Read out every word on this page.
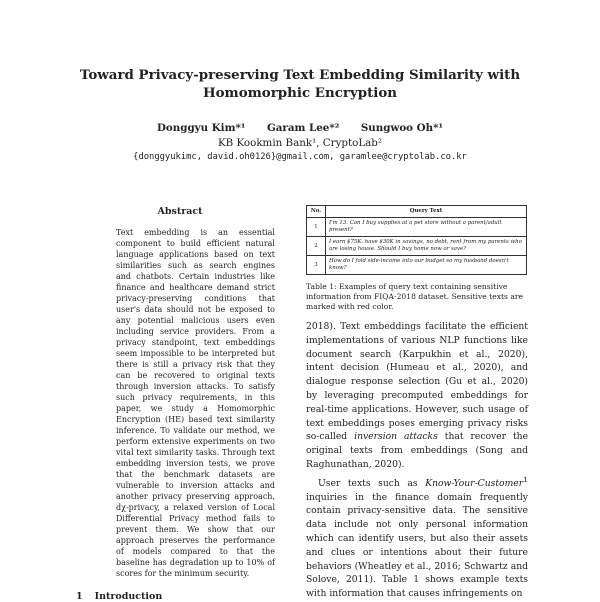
Toward Privacy-preserving Text Embedding Similarity with
Homomorphic Encryption
Donggyu Kim*¹ Garam Lee*² Sungwoo Oh*¹
KB Kookmin Bank¹, CryptoLab²
{donggyukimc, david.oh0126}@gmail.com, garamlee@cryptolab.co.kr
Abstract
Text embedding is an essential component to build efficient natural language applications based on text similarities such as search engines and chatbots. Certain industries like finance and healthcare demand strict privacy-preserving conditions that user's data should not be exposed to any potential malicious users even including service providers. From a privacy standpoint, text embeddings seem impossible to be interpreted but there is still a privacy risk that they can be recovered to original texts through inversion attacks. To satisfy such privacy requirements, in this paper, we study a Homomorphic Encryption (HE) based text similarity inference. To validate our method, we perform extensive experiments on two vital text similarity tasks. Through text embedding inversion tests, we prove that the benchmark datasets are vulnerable to inversion attacks and another privacy preserving approach, dχ-privacy, a relaxed version of Local Differential Privacy method fails to prevent them. We show that our approach preserves the performance of models compared to that the baseline has degradation up to 10% of scores for the minimum security.
1 Introduction
No.	Query Text
1	I'm 13. Can I buy supplies at a pet store without a parent/adult present?
2	I earn $75K. have $30K in savings, no debt, rent from my parents who are losing house. Should I buy home now or save?
3	How do I fold side-income into our budget so my husband doesn't know?
Table 1: Examples of query text containing sensitive information from FIQA-2018 dataset. Sensitive texts are marked with red color.

2018). Text embeddings facilitate the efficient implementations of various NLP functions like document search (Karpukhin et al., 2020), intent decision (Humeau et al., 2020), and dialogue response selection (Gu et al., 2020) by leveraging precomputed embeddings for real-time applications. However, such usage of text embeddings poses emerging privacy risks so-called inversion attacks that recover the original texts from embeddings (Song and Raghunathan, 2020).

User texts such as Know-Your-Customer$^1$ inquiries in the finance domain frequently contain privacy-sensitive data. The sensitive data include not only personal information which can identify users, but also their assets and clues or intentions about their future behaviors (Wheatley et al., 2016; Schwartz and Solove, 2011). Table 1 shows example texts with information that causes infringements on
